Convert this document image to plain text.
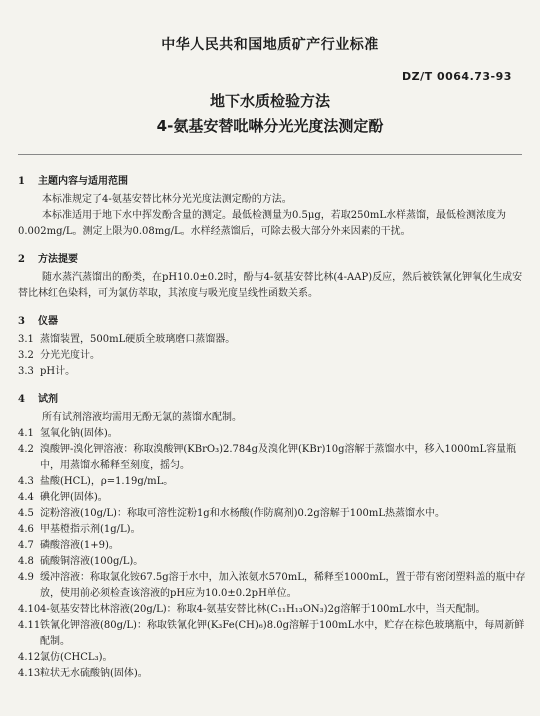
中华人民共和国地质矿产行业标准
DZ/T 0064.73-93
地下水质检验方法
4-氨基安替吡啉分光光度法测定酚
1 主题内容与适用范围

本标准规定了4-氨基安替比林分光光度法测定酚的方法。

本标准适用于地下水中挥发酚含量的测定。最低检测量为0.5μg，若取250mL水样蒸馏，最低检测浓度为0.002mg/L。测定上限为0.08mg/L。水样经蒸馏后，可除去极大部分外来因素的干扰。

2 方法提要

随水蒸汽蒸馏出的酚类，在pH10.0±0.2时，酚与4-氨基安替比林(4-AAP)反应，然后被铁氰化钾氧化生成安替比林红色染料，可为氯仿萃取，其浓度与吸光度呈线性函数关系。

3 仪器

3.1 蒸馏装置，500mL硬质全玻璃磨口蒸馏器。

3.2 分光光度计。

3.3 pH计。

4 试剂

所有试剂溶液均需用无酚无氯的蒸馏水配制。

4.1 氢氧化钠(固体)。

4.2 溴酸钾-溴化钾溶液：称取溴酸钾(KBrO₃)2.784g及溴化钾(KBr)10g溶解于蒸馏水中，移入1000mL容量瓶中，用蒸馏水稀释至刻度，摇匀。

4.3 盐酸(HCL)，ρ=1.19g/mL。

4.4 碘化钾(固体)。

4.5 淀粉溶液(10g/L)：称取可溶性淀粉1g和水杨酸(作防腐剂)0.2g溶解于100mL热蒸馏水中。

4.6 甲基橙指示剂(1g/L)。

4.7 磷酸溶液(1+9)。

4.8 硫酸铜溶液(100g/L)。

4.9 缓冲溶液：称取氯化铵67.5g溶于水中，加入浓氨水570mL，稀释至1000mL，置于带有密闭塑料盖的瓶中存放，使用前必须检查该溶液的pH应为10.0±0.2pH单位。

4.10 4-氨基安替比林溶液(20g/L)：称取4-氨基安替比林(C₁₁H₁₃ON₃)2g溶解于100mL水中，当天配制。

4.11 铁氰化钾溶液(80g/L)：称取铁氰化钾(K₃Fe(CH)₆)8.0g溶解于100mL水中，贮存在棕色玻璃瓶中，每周新鲜配制。

4.12 氯仿(CHCL₃)。

4.13 粒状无水硫酸钠(固体)。
